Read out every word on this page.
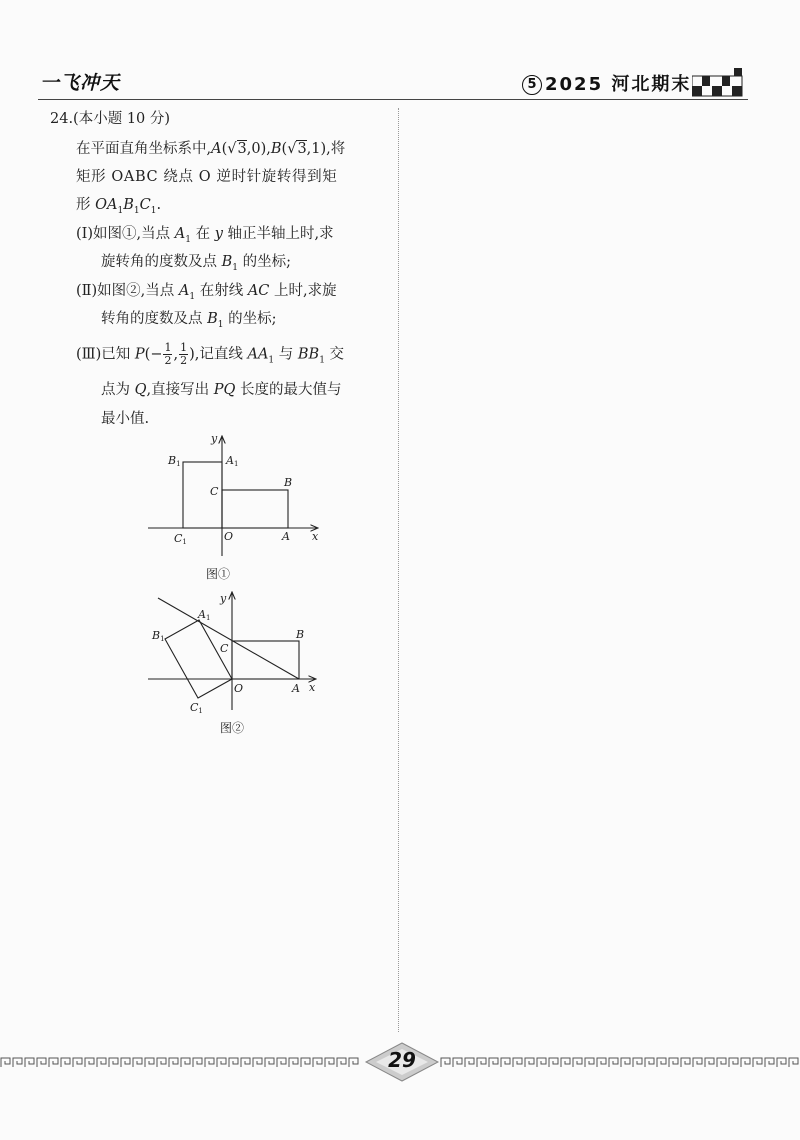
一飞冲天	5 2025 河北期末
24.(本小题 10 分)
在平面直角坐标系中,A(√3,0),B(√3,1),将
矩形 OABC 绕点 O 逆时针旋转得到矩
形 $OA_1B_1C_1$.
(Ⅰ)如图①,当点 $A_1$ 在 y 轴正半轴上时,求
旋转角的度数及点 $B_1$ 的坐标;
(Ⅱ)如图②,当点 $A_1$ 在射线 AC 上时,求旋
转角的度数及点 $B_1$ 的坐标;
(Ⅲ)已知 $P(- \frac{1}{2}$ , $\frac{1}{2}$ ),记直线 $AA_1$ 与 $BB_1$ 交
点为 Q,直接写出 PQ 长度的最大值与
最小值.
y
x
B1	A1
C
B
C1	O	A
图①
y
x
A1
B1
C
B
C1
O	A
图②
29
